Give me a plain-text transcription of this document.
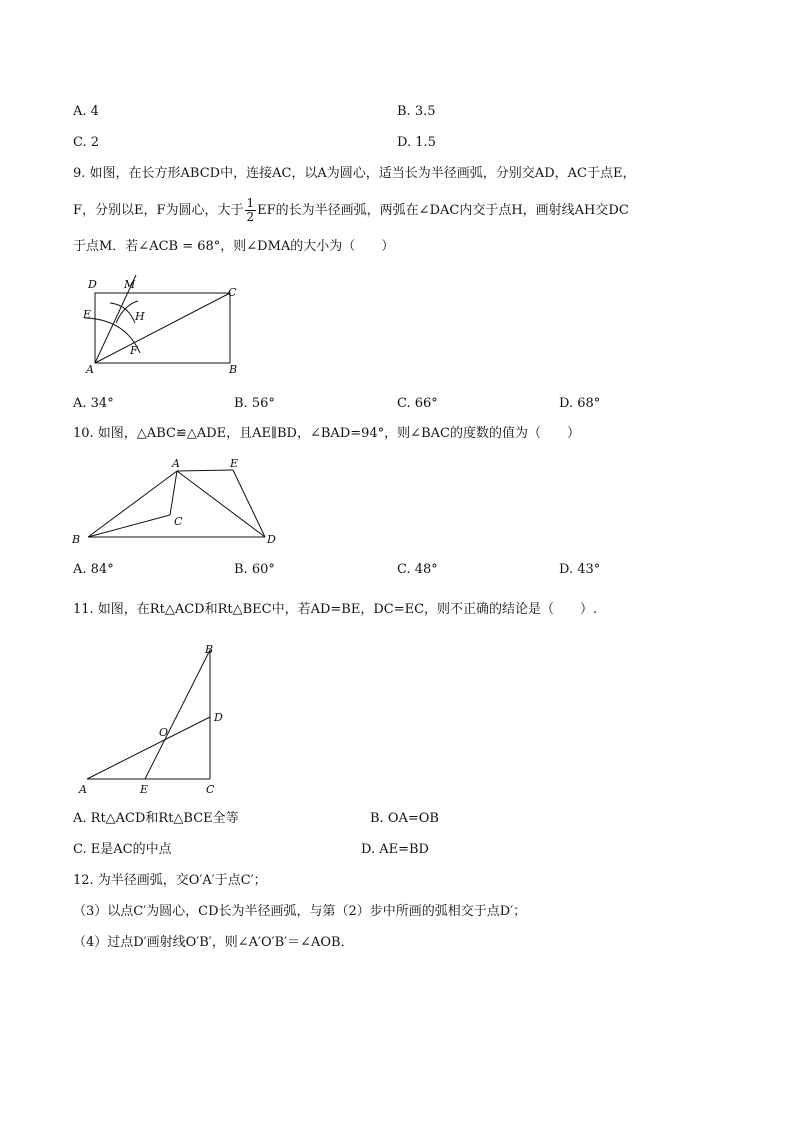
A. 4	B. 3.5
C. 2	D. 1.5
9. 如图，在长方形ABCD中，连接AC，以A为圆心，适当长为半径画弧，分别交AD，AC于点E，
F，分别以E，F为圆心，大于 $\frac{1}{2}$ EF的长为半径画弧，两弧在∠DAC内交于点H，画射线AH交DC
于点M．若∠ACB = 68°，则∠DMA的大小为（　　）
D M
C
E	H
F
A	B
A. 34°	B. 56°	C. 66°	D. 68°
10. 如图，△ABC≌△ADE，且AE∥BD，∠BAD=94°，则∠BAC的度数的值为（　　）
A	E
B
C
D
A. 84°	B. 60°	C. 48°	D. 43°
11. 如图，在Rt△ACD和Rt△BEC中，若AD=BE，DC=EC，则不正确的结论是（　　）.
B
D
O
A	E	C
A. Rt△ACD和Rt△BCE全等	B. OA=OB
C. E是AC的中点	D. AE=BD
12. 为半径画弧，交O′A′于点C′；
（3）以点C′为圆心，CD长为半径画弧，与第（2）步中所画的弧相交于点D′；
（4）过点D′画射线O′B′，则∠A′O′B′＝∠AOB．
